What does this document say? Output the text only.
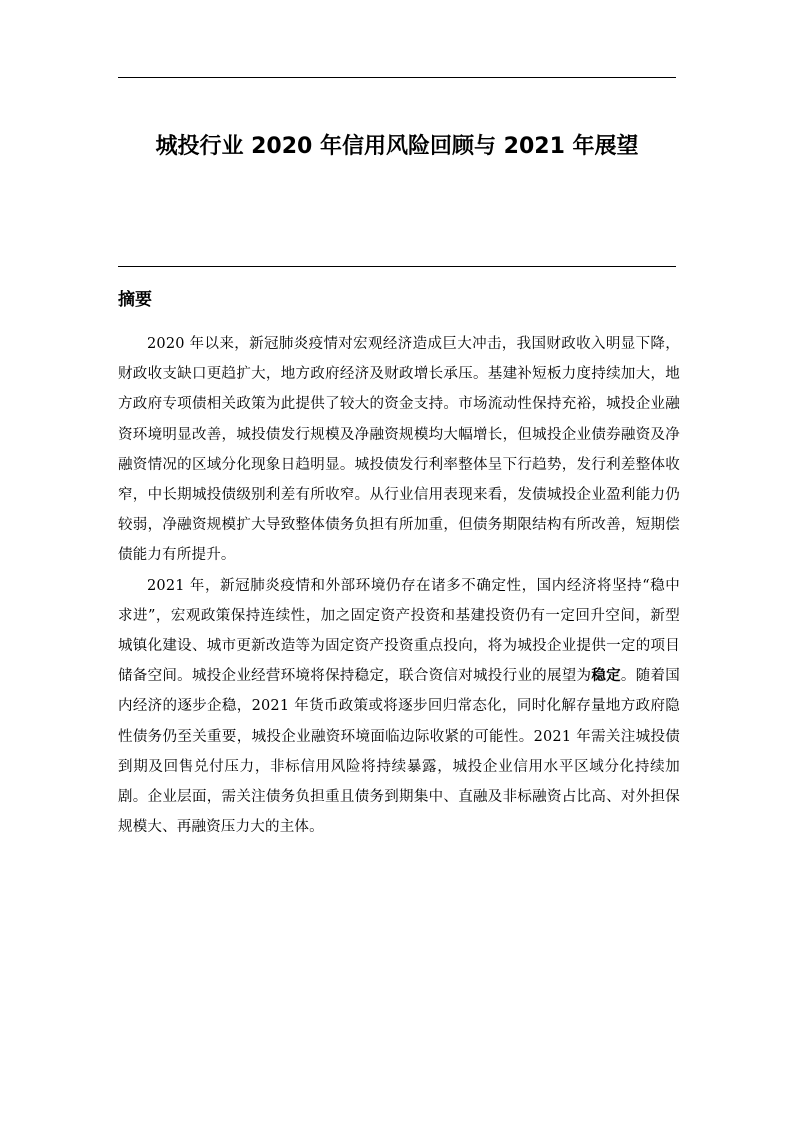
城投行业 2020 年信用风险回顾与 2021 年展望
摘要

2020 年以来，新冠肺炎疫情对宏观经济造成巨大冲击，我国财政收入明显下降，财政收支缺口更趋扩大，地方政府经济及财政增长承压。基建补短板力度持续加大，地方政府专项债相关政策为此提供了较大的资金支持。市场流动性保持充裕，城投企业融资环境明显改善，城投债发行规模及净融资规模均大幅增长，但城投企业债券融资及净融资情况的区域分化现象日趋明显。城投债发行利率整体呈下行趋势，发行利差整体收窄，中长期城投债级别利差有所收窄。从行业信用表现来看，发债城投企业盈利能力仍较弱，净融资规模扩大导致整体债务负担有所加重，但债务期限结构有所改善，短期偿债能力有所提升。

2021 年，新冠肺炎疫情和外部环境仍存在诸多不确定性，国内经济将坚持“稳中求进”，宏观政策保持连续性，加之固定资产投资和基建投资仍有一定回升空间，新型城镇化建设、城市更新改造等为固定资产投资重点投向，将为城投企业提供一定的项目储备空间。城投企业经营环境将保持稳定，联合资信对城投行业的展望为稳定。随着国内经济的逐步企稳，2021 年货币政策或将逐步回归常态化，同时化解存量地方政府隐性债务仍至关重要，城投企业融资环境面临边际收紧的可能性。2021 年需关注城投债到期及回售兑付压力，非标信用风险将持续暴露，城投企业信用水平区域分化持续加剧。企业层面，需关注债务负担重且债务到期集中、直融及非标融资占比高、对外担保规模大、再融资压力大的主体。
